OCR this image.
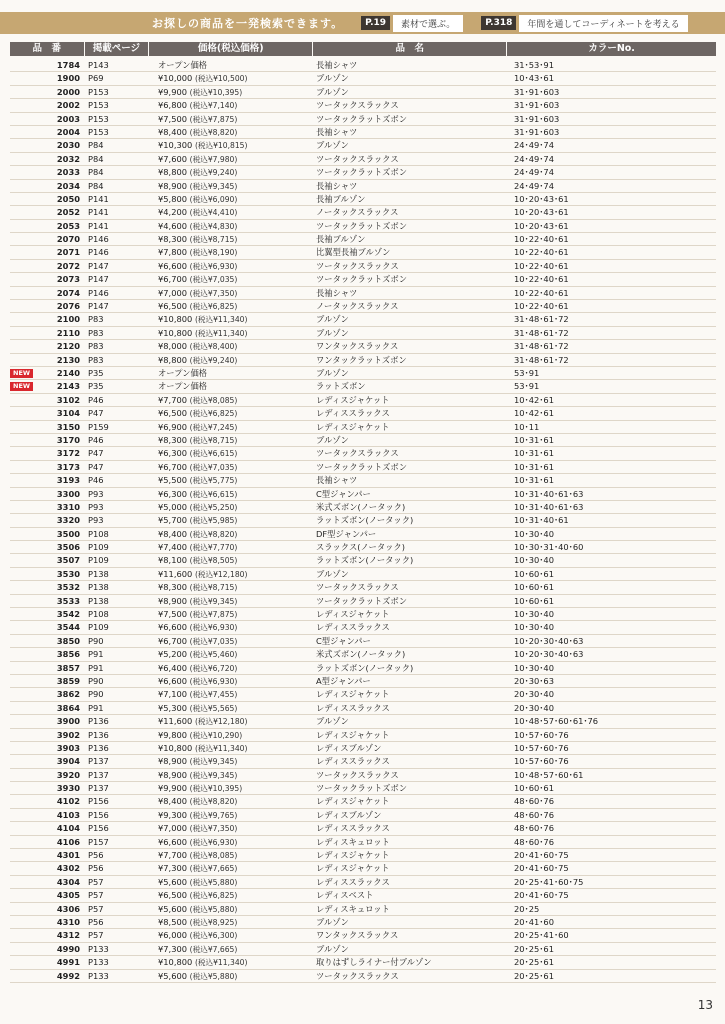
お探しの商品を一発検索できます。	P.19	素材で選ぶ。	P.318	年間を通してコーディネートを考える
品　番	掲載ページ	価格(税込価格)	品　名	カラーNo.
1784 P143	オープン価格	長袖シャツ	31･53･91
1900 P69	¥10,000 (税込¥10,500)	ブルゾン	10･43･61
2000 P153	¥9,900 (税込¥10,395)	ブルゾン	31･91･603
2002 P153	¥6,800 (税込¥7,140)	ツータックスラックス	31･91･603
2003 P153	¥7,500 (税込¥7,875)	ツータックラットズボン	31･91･603
2004 P153	¥8,400 (税込¥8,820)	長袖シャツ	31･91･603
2030 P84	¥10,300 (税込¥10,815)	ブルゾン	24･49･74
2032 P84	¥7,600 (税込¥7,980)	ツータックスラックス	24･49･74
2033 P84	¥8,800 (税込¥9,240)	ツータックラットズボン	24･49･74
2034 P84	¥8,900 (税込¥9,345)	長袖シャツ	24･49･74
2050 P141	¥5,800 (税込¥6,090)	長袖ブルゾン	10･20･43･61
2052 P141	¥4,200 (税込¥4,410)	ノータックスラックス	10･20･43･61
2053 P141	¥4,600 (税込¥4,830)	ツータックラットズボン	10･20･43･61
2070 P146	¥8,300 (税込¥8,715)	長袖ブルゾン	10･22･40･61
2071 P146	¥7,800 (税込¥8,190)	比翼型長袖ブルゾン	10･22･40･61
2072 P147	¥6,600 (税込¥6,930)	ツータックスラックス	10･22･40･61
2073 P147	¥6,700 (税込¥7,035)	ツータックラットズボン	10･22･40･61
2074 P146	¥7,000 (税込¥7,350)	長袖シャツ	10･22･40･61
2076 P147	¥6,500 (税込¥6,825)	ノータックスラックス	10･22･40･61
2100 P83	¥10,800 (税込¥11,340)	ブルゾン	31･48･61･72
2110 P83	¥10,800 (税込¥11,340)	ブルゾン	31･48･61･72
2120 P83	¥8,000 (税込¥8,400)	ワンタックスラックス	31･48･61･72
2130 P83	¥8,800 (税込¥9,240)	ワンタックラットズボン	31･48･61･72
NEW	2140 P35	オープン価格	ブルゾン	53･91
NEW	2143 P35	オープン価格	ラットズボン	53･91
3102 P46	¥7,700 (税込¥8,085)	レディスジャケット	10･42･61
3104 P47	¥6,500 (税込¥6,825)	レディススラックス	10･42･61
3150 P159	¥6,900 (税込¥7,245)	レディスジャケット	10･11
3170 P46	¥8,300 (税込¥8,715)	ブルゾン	10･31･61
3172 P47	¥6,300 (税込¥6,615)	ツータックスラックス	10･31･61
3173 P47	¥6,700 (税込¥7,035)	ツータックラットズボン	10･31･61
3193 P46	¥5,500 (税込¥5,775)	長袖シャツ	10･31･61
3300 P93	¥6,300 (税込¥6,615)	C型ジャンパー	10･31･40･61･63
3310 P93	¥5,000 (税込¥5,250)	米式ズボン(ノータック)	10･31･40･61･63
3320 P93	¥5,700 (税込¥5,985)	ラットズボン(ノータック)	10･31･40･61
3500 P108	¥8,400 (税込¥8,820)	DF型ジャンパー	10･30･40
3506 P109	¥7,400 (税込¥7,770)	スラックス(ノータック)	10･30･31･40･60
3507 P109	¥8,100 (税込¥8,505)	ラットズボン(ノータック)	10･30･40
3530 P138	¥11,600 (税込¥12,180)	ブルゾン	10･60･61
3532 P138	¥8,300 (税込¥8,715)	ツータックスラックス	10･60･61
3533 P138	¥8,900 (税込¥9,345)	ツータックラットズボン	10･60･61
3542 P108	¥7,500 (税込¥7,875)	レディスジャケット	10･30･40
3544 P109	¥6,600 (税込¥6,930)	レディススラックス	10･30･40
3850 P90	¥6,700 (税込¥7,035)	C型ジャンパー	10･20･30･40･63
3856 P91	¥5,200 (税込¥5,460)	米式ズボン(ノータック)	10･20･30･40･63
3857 P91	¥6,400 (税込¥6,720)	ラットズボン(ノータック)	10･30･40
3859 P90	¥6,600 (税込¥6,930)	A型ジャンパー	20･30･63
3862 P90	¥7,100 (税込¥7,455)	レディスジャケット	20･30･40
3864 P91	¥5,300 (税込¥5,565)	レディススラックス	20･30･40
3900 P136	¥11,600 (税込¥12,180)	ブルゾン	10･48･57･60･61･76
3902 P136	¥9,800 (税込¥10,290)	レディスジャケット	10･57･60･76
3903 P136	¥10,800 (税込¥11,340)	レディスブルゾン	10･57･60･76
3904 P137	¥8,900 (税込¥9,345)	レディススラックス	10･57･60･76
3920 P137	¥8,900 (税込¥9,345)	ツータックスラックス	10･48･57･60･61
3930 P137	¥9,900 (税込¥10,395)	ツータックラットズボン	10･60･61
4102 P156	¥8,400 (税込¥8,820)	レディスジャケット	48･60･76
4103 P156	¥9,300 (税込¥9,765)	レディスブルゾン	48･60･76
4104 P156	¥7,000 (税込¥7,350)	レディススラックス	48･60･76
4106 P157	¥6,600 (税込¥6,930)	レディスキュロット	48･60･76
4301 P56	¥7,700 (税込¥8,085)	レディスジャケット	20･41･60･75
4302 P56	¥7,300 (税込¥7,665)	レディスジャケット	20･41･60･75
4304 P57	¥5,600 (税込¥5,880)	レディススラックス	20･25･41･60･75
4305 P57	¥6,500 (税込¥6,825)	レディスベスト	20･41･60･75
4306 P57	¥5,600 (税込¥5,880)	レディスキュロット	20･25
4310 P56	¥8,500 (税込¥8,925)	ブルゾン	20･41･60
4312 P57	¥6,000 (税込¥6,300)	ワンタックスラックス	20･25･41･60
4990 P133	¥7,300 (税込¥7,665)	ブルゾン	20･25･61
4991 P133	¥10,800 (税込¥11,340)	取りはずしライナー付ブルゾン	20･25･61
4992 P133	¥5,600 (税込¥5,880)	ツータックスラックス	20･25･61
13
